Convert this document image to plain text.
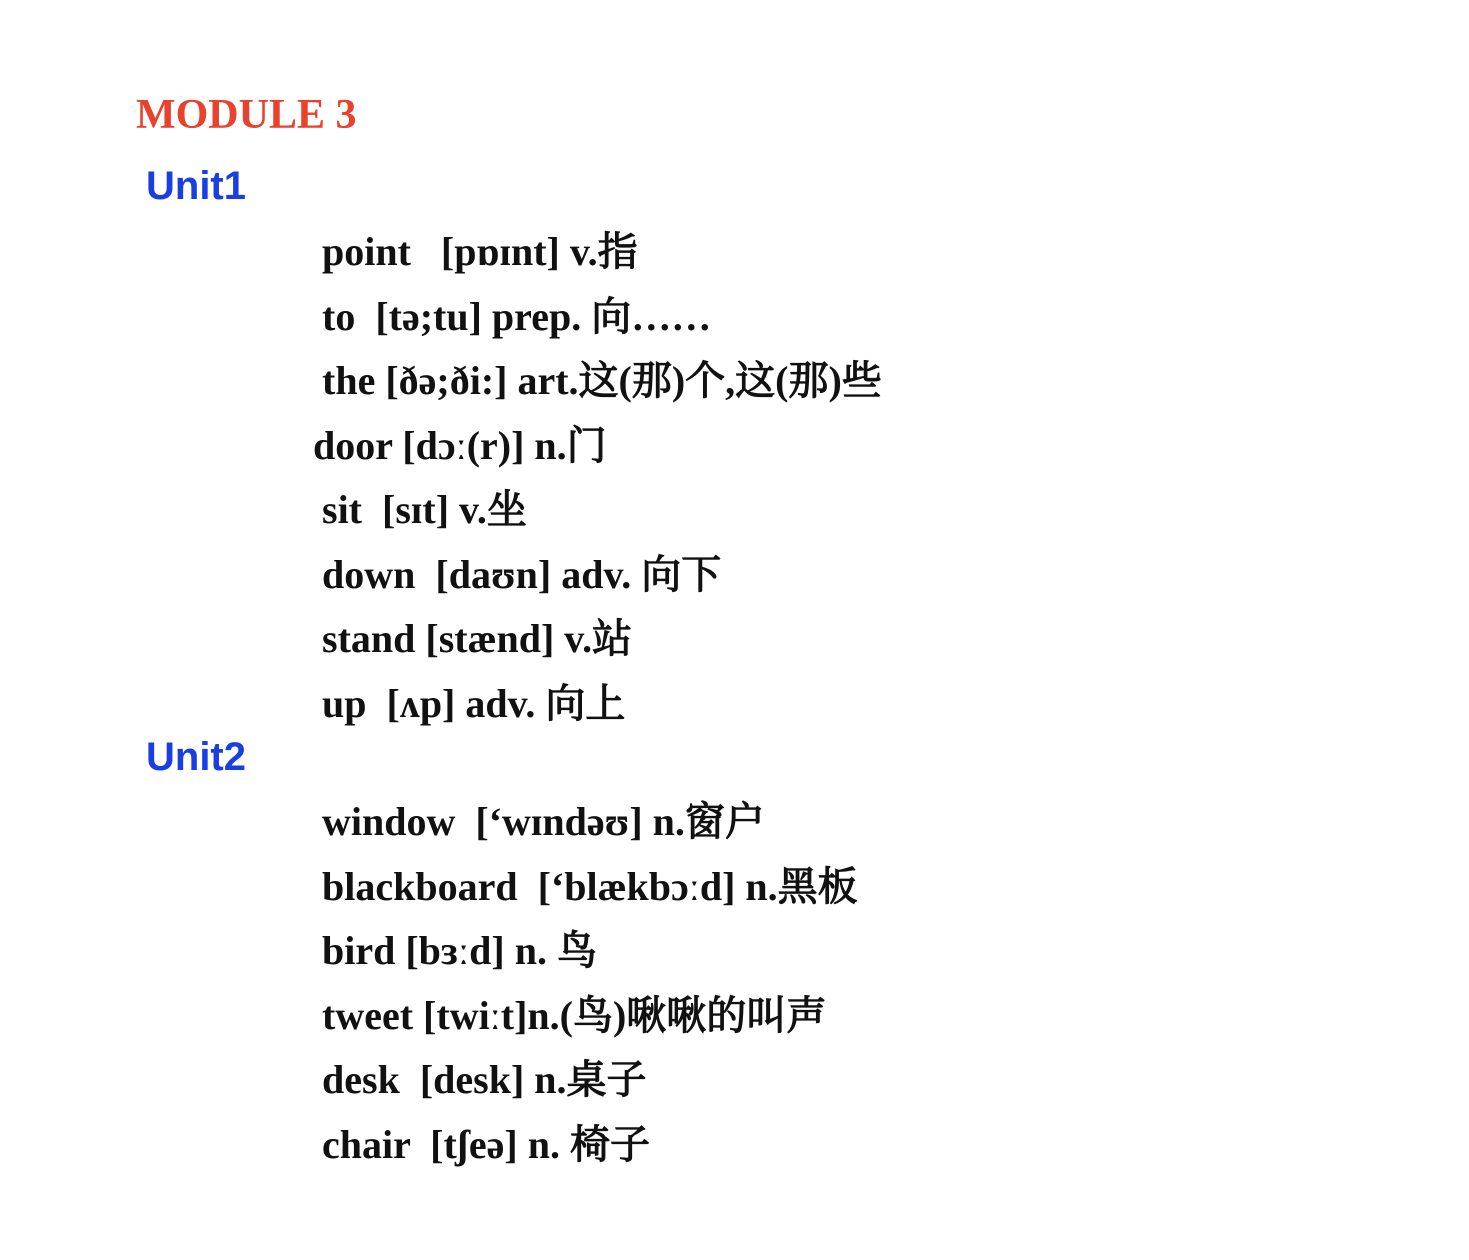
MODULE 3
Unit1
point   [pɒɪnt] v.指
to  [tə;tu] prep. 向……
the [ðə;ði:] art.这(那)个,这(那)些
door [dɔː(r)] n.门
sit  [sɪt] v.坐
down  [daʊn] adv. 向下
stand [stænd] v.站
up  [ʌp] adv. 向上
Unit2
window  [‘wɪndəʊ] n.窗户
blackboard  [‘blækbɔːd] n.黑板
bird [bɜːd] n. 鸟
tweet [twiːt]n.(鸟)啾啾的叫声
desk  [desk] n.桌子
chair  [tʃeə] n. 椅子
